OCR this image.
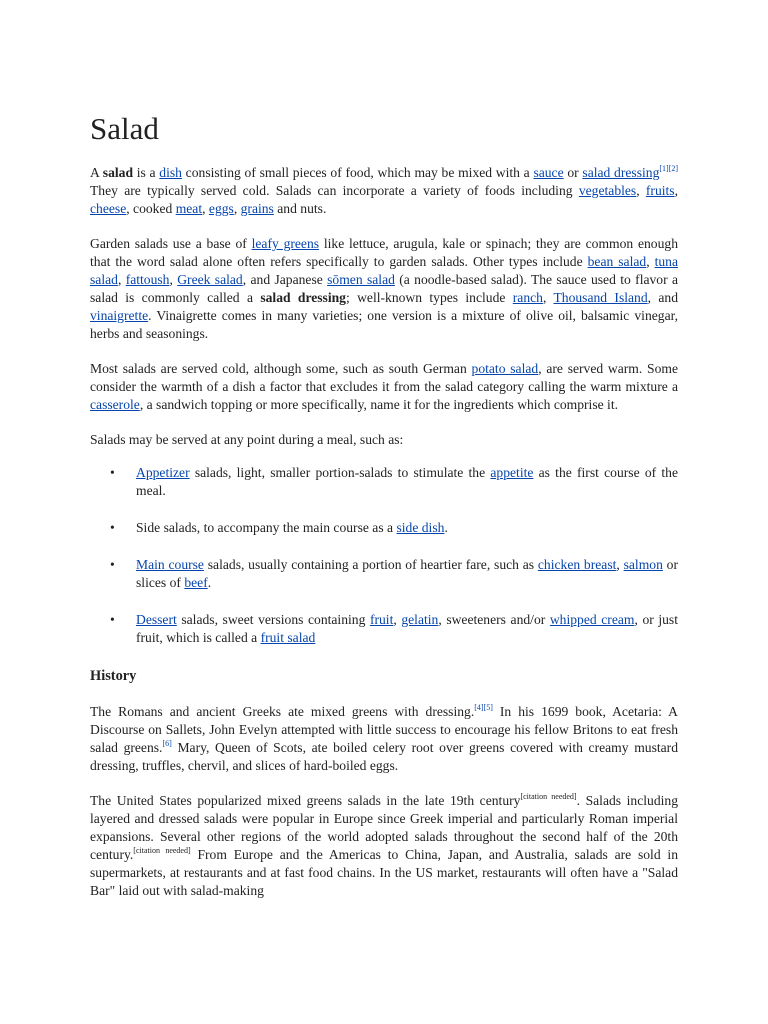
Salad

A salad is a dish consisting of small pieces of food, which may be mixed with a sauce or salad dressing[1][2] They are typically served cold. Salads can incorporate a variety of foods including vegetables, fruits, cheese, cooked meat, eggs, grains and nuts.

Garden salads use a base of leafy greens like lettuce, arugula, kale or spinach; they are common enough that the word salad alone often refers specifically to garden salads. Other types include bean salad, tuna salad, fattoush, Greek salad, and Japanese sōmen salad (a noodle-based salad). The sauce used to flavor a salad is commonly called a salad dressing; well-known types include ranch, Thousand Island, and vinaigrette. Vinaigrette comes in many varieties; one version is a mixture of olive oil, balsamic vinegar, herbs and seasonings.

Most salads are served cold, although some, such as south German potato salad, are served warm. Some consider the warmth of a dish a factor that excludes it from the salad category calling the warm mixture a casserole, a sandwich topping or more specifically, name it for the ingredients which comprise it.

Salads may be served at any point during a meal, such as:

• Appetizer salads, light, smaller portion-salads to stimulate the appetite as the first course of the meal.
• Side salads, to accompany the main course as a side dish.
• Main course salads, usually containing a portion of heartier fare, such as chicken breast, salmon or slices of beef.
• Dessert salads, sweet versions containing fruit, gelatin, sweeteners and/or whipped cream, or just fruit, which is called a fruit salad
History

The Romans and ancient Greeks ate mixed greens with dressing.[4][5] In his 1699 book, Acetaria: A Discourse on Sallets, John Evelyn attempted with little success to encourage his fellow Britons to eat fresh salad greens.[6] Mary, Queen of Scots, ate boiled celery root over greens covered with creamy mustard dressing, truffles, chervil, and slices of hard-boiled eggs.

The United States popularized mixed greens salads in the late 19th century[citation needed]. Salads including layered and dressed salads were popular in Europe since Greek imperial and particularly Roman imperial expansions. Several other regions of the world adopted salads throughout the second half of the 20th century.[citation needed] From Europe and the Americas to China, Japan, and Australia, salads are sold in supermarkets, at restaurants and at fast food chains. In the US market, restaurants will often have a "Salad Bar" laid out with salad-making
